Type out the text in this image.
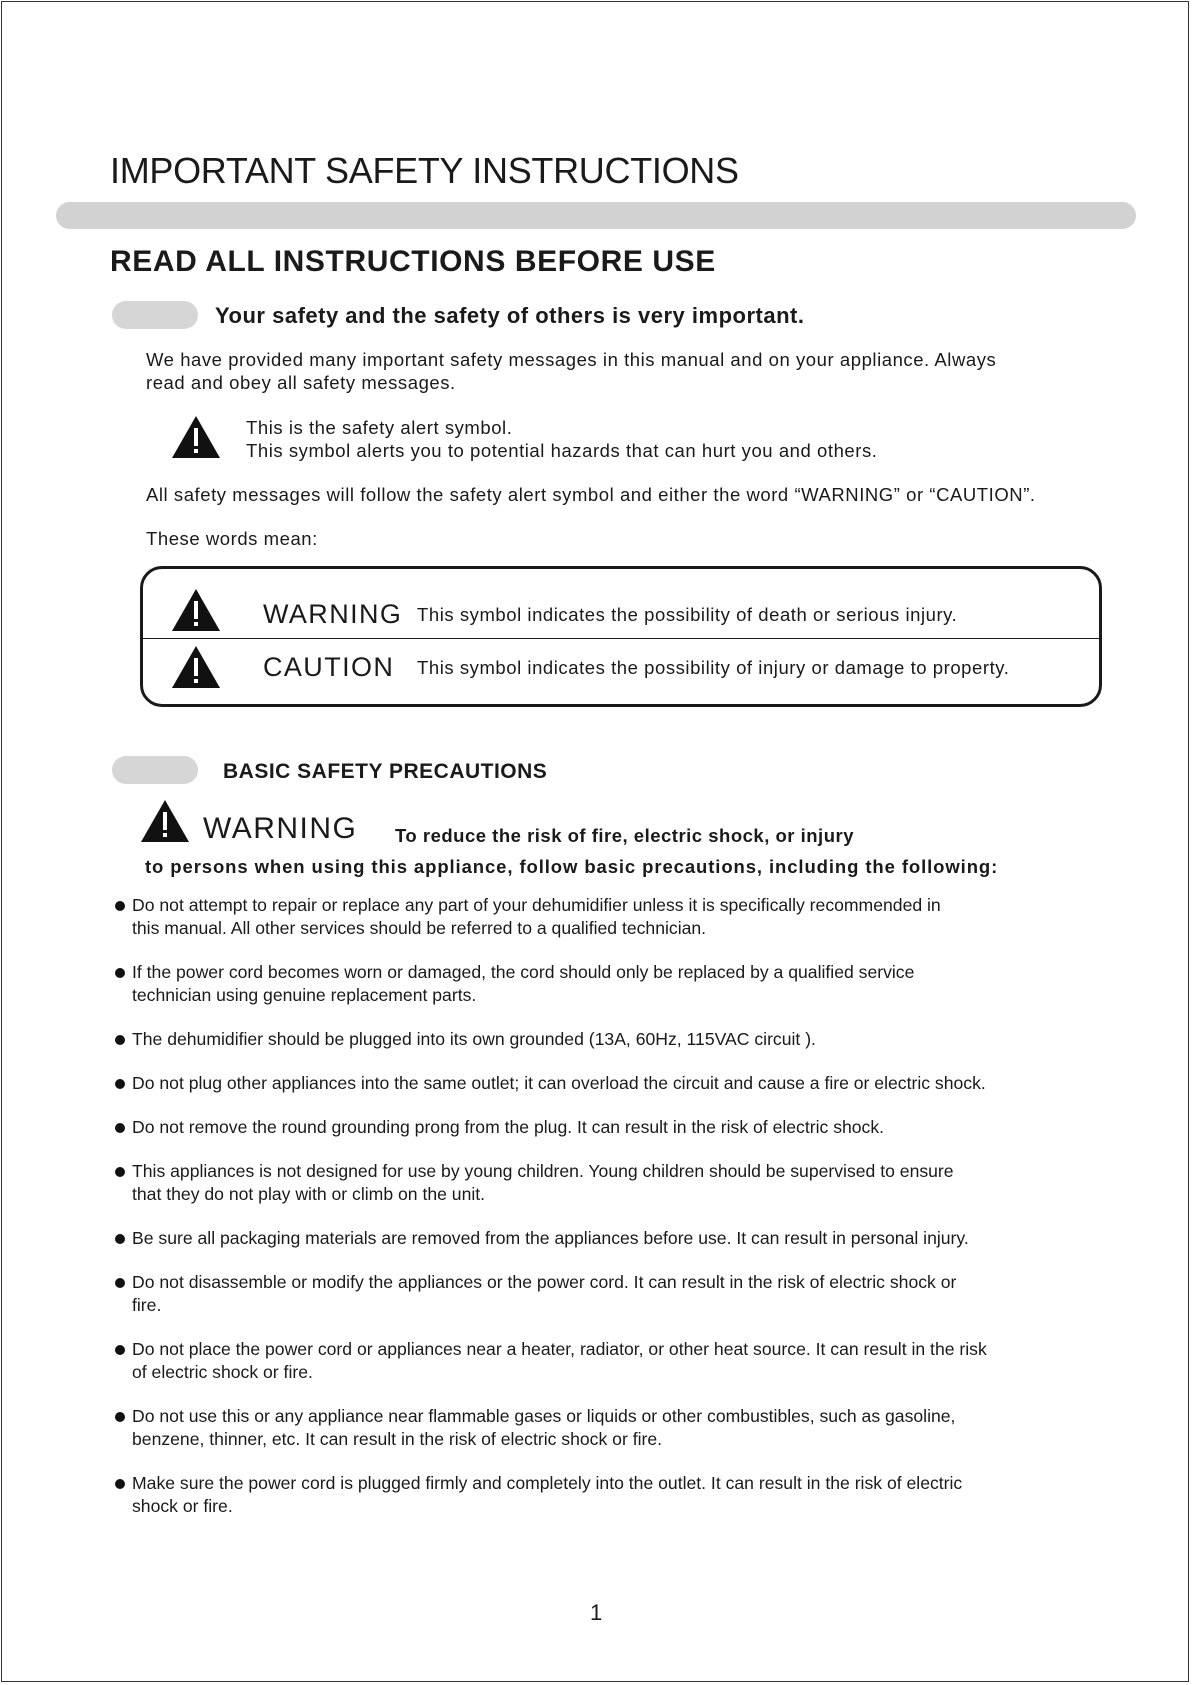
IMPORTANT SAFETY INSTRUCTIONS
READ ALL INSTRUCTIONS BEFORE USE
Your safety and the safety of others is very important.
We have provided many important safety messages in this manual and on your appliance. Always
read and obey all safety messages.
This is the safety alert symbol.
This symbol alerts you to potential hazards that can hurt you and others.
All safety messages will follow the safety alert symbol and either the word “WARNING” or “CAUTION”.
These words mean:
WARNING This symbol indicates the possibility of death or serious injury.
CAUTION This symbol indicates the possibility of injury or damage to property.
BASIC SAFETY PRECAUTIONS
WARNING To reduce the risk of fire, electric shock, or injury
to persons when using this appliance, follow basic precautions, including the following:
Do not attempt to repair or replace any part of your dehumidifier unless it is specifically recommended in
this manual. All other services should be referred to a qualified technician.
If the power cord becomes worn or damaged, the cord should only be replaced by a qualified service
technician using genuine replacement parts.
The dehumidifier should be plugged into its own grounded (13A, 60Hz, 115VAC circuit ).
Do not plug other appliances into the same outlet; it can overload the circuit and cause a fire or electric shock.
Do not remove the round grounding prong from the plug. It can result in the risk of electric shock.
This appliances is not designed for use by young children. Young children should be supervised to ensure
that they do not play with or climb on the unit.
Be sure all packaging materials are removed from the appliances before use. It can result in personal injury.
Do not disassemble or modify the appliances or the power cord. It can result in the risk of electric shock or
fire.
Do not place the power cord or appliances near a heater, radiator, or other heat source. It can result in the risk
of electric shock or fire.
Do not use this or any appliance near flammable gases or liquids or other combustibles, such as gasoline,
benzene, thinner, etc. It can result in the risk of electric shock or fire.
Make sure the power cord is plugged firmly and completely into the outlet. It can result in the risk of electric
shock or fire.
1
